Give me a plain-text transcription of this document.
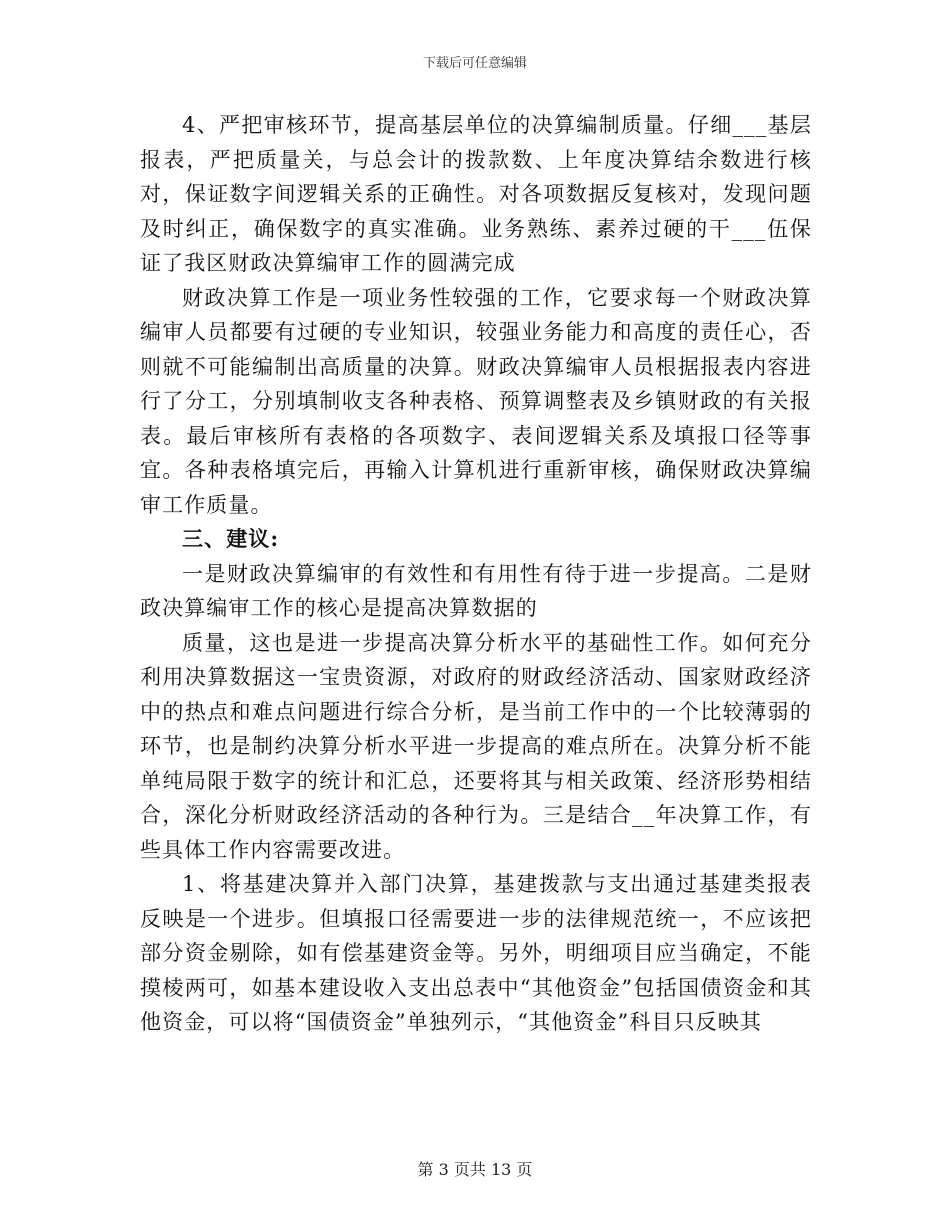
下载后可任意编辑

4、严把审核环节，提高基层单位的决算编制质量。仔细___基层报表，严把质量关，与总会计的拨款数、上年度决算结余数进行核对，保证数字间逻辑关系的正确性。对各项数据反复核对，发现问题及时纠正，确保数字的真实准确。业务熟练、素养过硬的干___伍保证了我区财政决算编审工作的圆满完成

财政决算工作是一项业务性较强的工作，它要求每一个财政决算编审人员都要有过硬的专业知识，较强业务能力和高度的责任心，否则就不可能编制出高质量的决算。财政决算编审人员根据报表内容进行了分工，分别填制收支各种表格、预算调整表及乡镇财政的有关报表。最后审核所有表格的各项数字、表间逻辑关系及填报口径等事宜。各种表格填完后，再输入计算机进行重新审核，确保财政决算编审工作质量。

三、建议:

一是财政决算编审的有效性和有用性有待于进一步提高。二是财政决算编审工作的核心是提高决算数据的

质量，这也是进一步提高决算分析水平的基础性工作。如何充分利用决算数据这一宝贵资源，对政府的财政经济活动、国家财政经济中的热点和难点问题进行综合分析，是当前工作中的一个比较薄弱的环节，也是制约决算分析水平进一步提高的难点所在。决算分析不能单纯局限于数字的统计和汇总，还要将其与相关政策、经济形势相结合，深化分析财政经济活动的各种行为。三是结合__年决算工作，有些具体工作内容需要改进。

1、将基建决算并入部门决算，基建拨款与支出通过基建类报表反映是一个进步。但填报口径需要进一步的法律规范统一，不应该把部分资金剔除，如有偿基建资金等。另外，明细项目应当确定，不能摸棱两可，如基本建设收入支出总表中“其他资金”包括国债资金和其他资金，可以将“国债资金”单独列示，“其他资金”科目只反映其

第 3 页共 13 页
